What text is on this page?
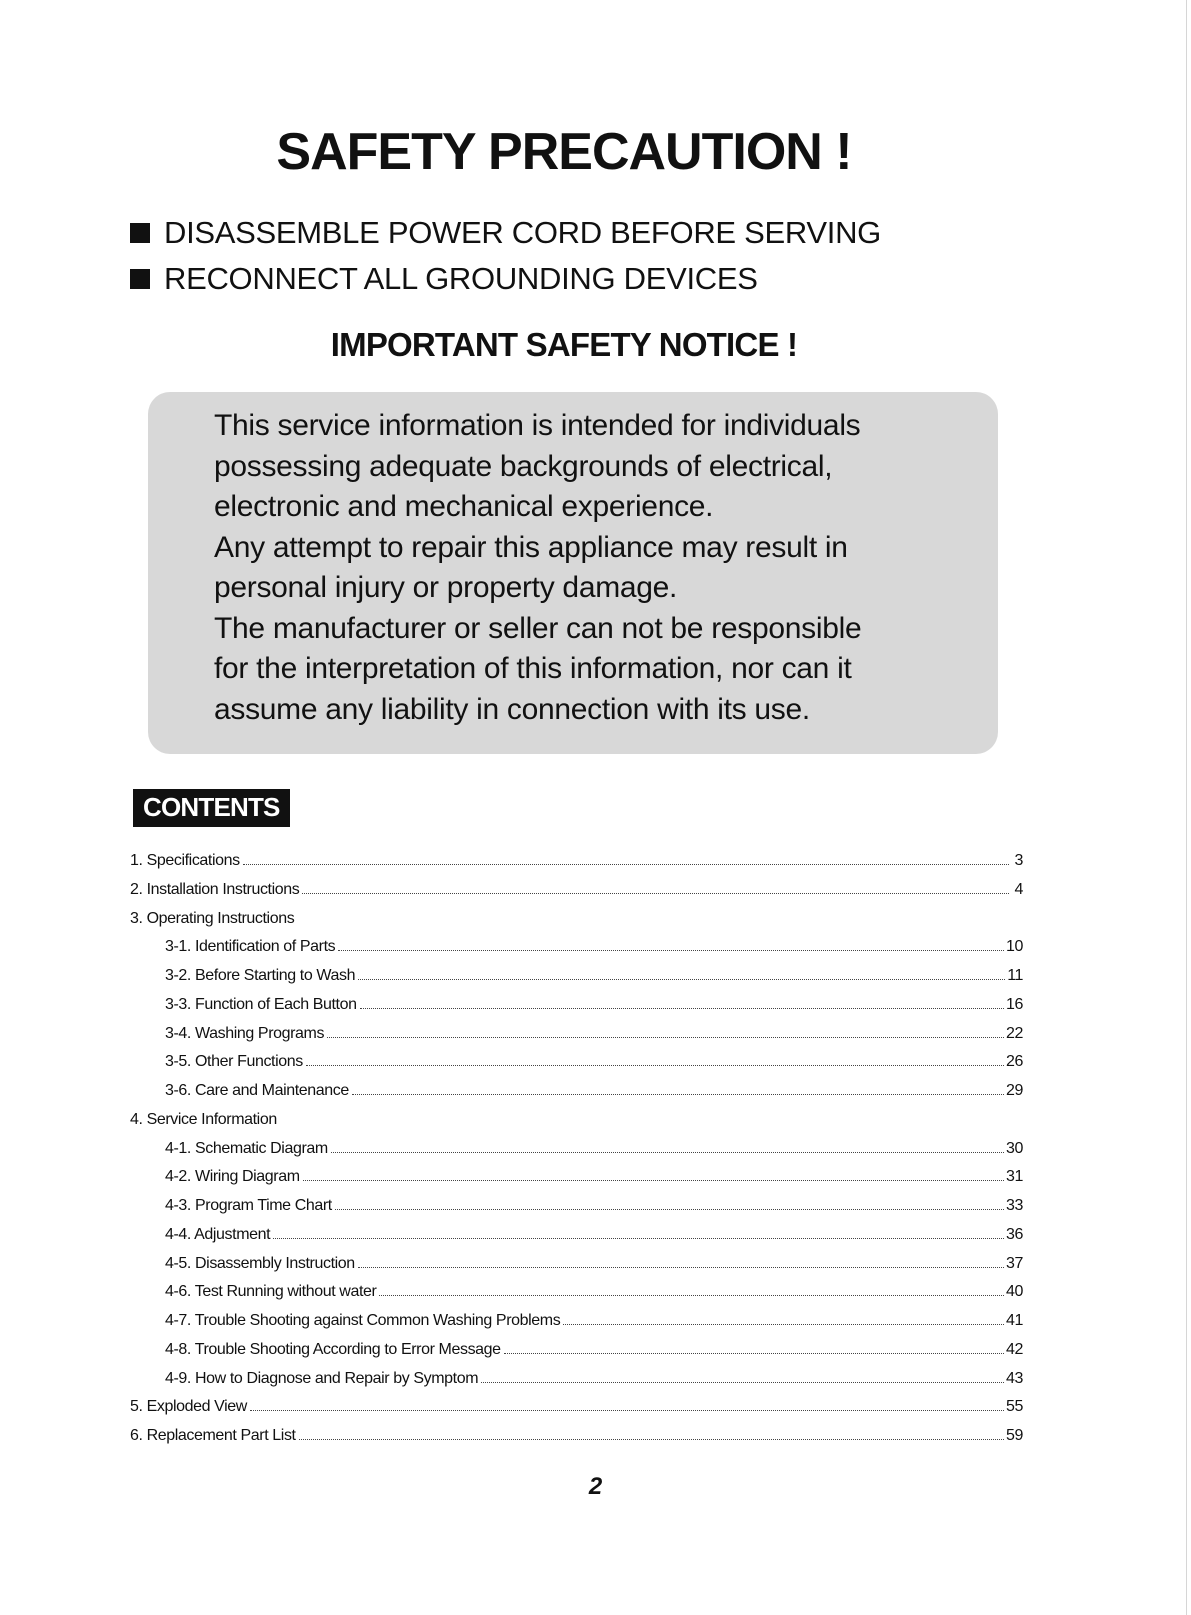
SAFETY PRECAUTION !
DISASSEMBLE POWER CORD BEFORE SERVING
RECONNECT ALL GROUNDING DEVICES
IMPORTANT SAFETY NOTICE !
This service information is intended for individuals
possessing adequate backgrounds of electrical,
electronic and mechanical experience.
Any attempt to repair this appliance may result in
personal injury or property damage.
The manufacturer or seller can not be responsible
for the interpretation of this information, nor can it
assume any liability in connection with its use.
CONTENTS
1. Specifications	3
2. Installation Instructions	4
3. Operating Instructions
3-1. Identification of Parts	10
3-2. Before Starting to Wash	11
3-3. Function of Each Button	16
3-4. Washing Programs	22
3-5. Other Functions	26
3-6. Care and Maintenance	29
4. Service Information
4-1. Schematic Diagram	30
4-2. Wiring Diagram	31
4-3. Program Time Chart	33
4-4. Adjustment	36
4-5. Disassembly Instruction	37
4-6. Test Running without water	40
4-7. Trouble Shooting against Common Washing Problems	41
4-8. Trouble Shooting According to Error Message	42
4-9. How to Diagnose and Repair by Symptom	43
5. Exploded View	55
6. Replacement Part List	59
2
